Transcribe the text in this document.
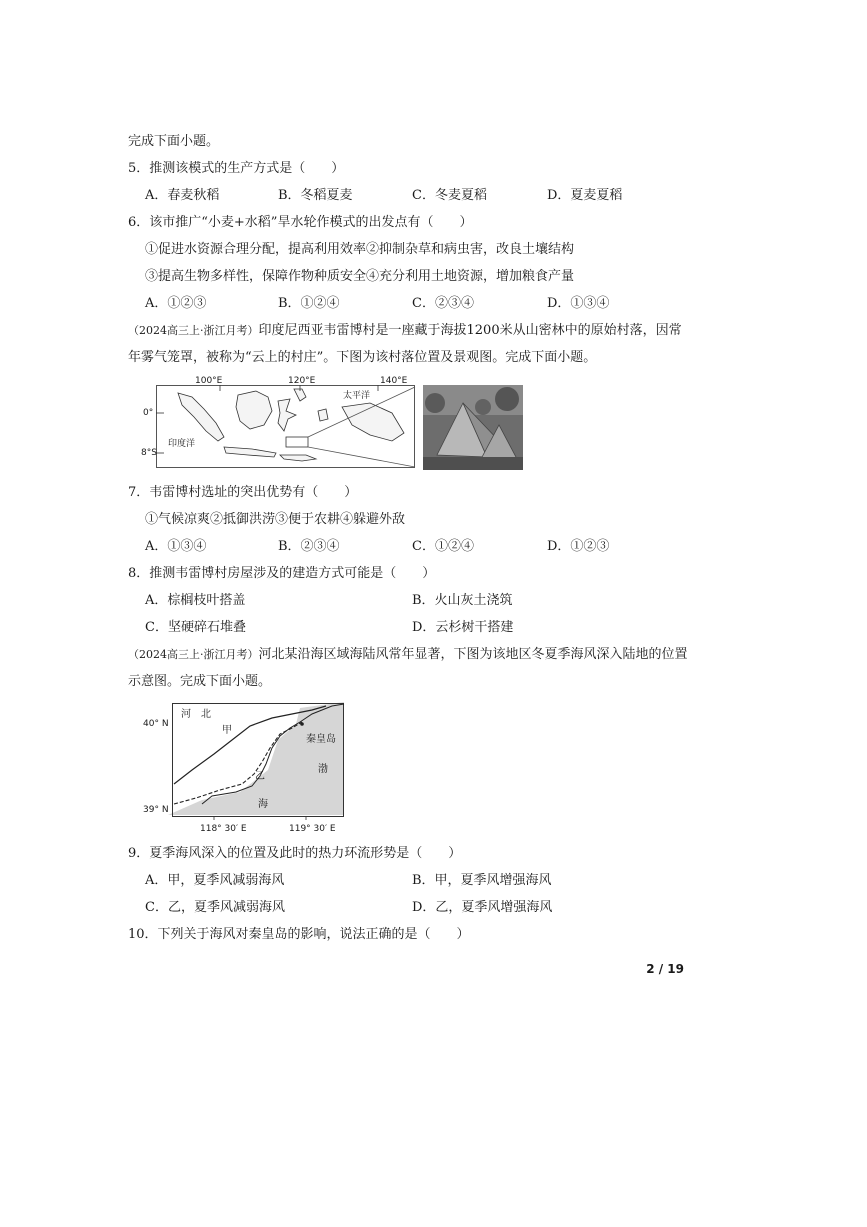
完成下面小题。
5．推测该模式的生产方式是（　　）
A．春麦秋稻	B．冬稻夏麦	C．冬麦夏稻	D．夏麦夏稻
6．该市推广“小麦+水稻”旱水轮作模式的出发点有（　　）
①促进水资源合理分配，提高利用效率②抑制杂草和病虫害，改良土壤结构
③提高生物多样性，保障作物种质安全④充分利用土地资源，增加粮食产量
A．①②③	B．①②④	C．②③④	D．①③④
（2024高三上·浙江月考）印度尼西亚韦雷博村是一座藏于海拔1200米从山密林中的原始村落，因常
年雾气笼罩，被称为“云上的村庄”。下图为该村落位置及景观图。完成下面小题。
100°E	120°E	140°E
0°
8°S
太平洋
印度洋
7．韦雷博村选址的突出优势有（　　）
①气候凉爽②抵御洪涝③便于农耕④躲避外敌
A．①③④	B．②③④	C．①②④	D．①②③
8．推测韦雷博村房屋涉及的建造方式可能是（　　）
A．棕榈枝叶搭盖	B．火山灰土浇筑
C．坚硬碎石堆叠	D．云杉树干搭建
（2024高三上·浙江月考）河北某沿海区域海陆风常年显著，下图为该地区冬夏季海风深入陆地的位置
示意图。完成下面小题。
40° N
39° N
118° 30′ E	119° 30′ E
河　北
甲
乙
秦皇岛
渤
海
9．夏季海风深入的位置及此时的热力环流形势是（　　）
A．甲，夏季风减弱海风	B．甲，夏季风增强海风
C．乙，夏季风减弱海风	D．乙，夏季风增强海风
10．下列关于海风对秦皇岛的影响，说法正确的是（　　）
2 / 19
